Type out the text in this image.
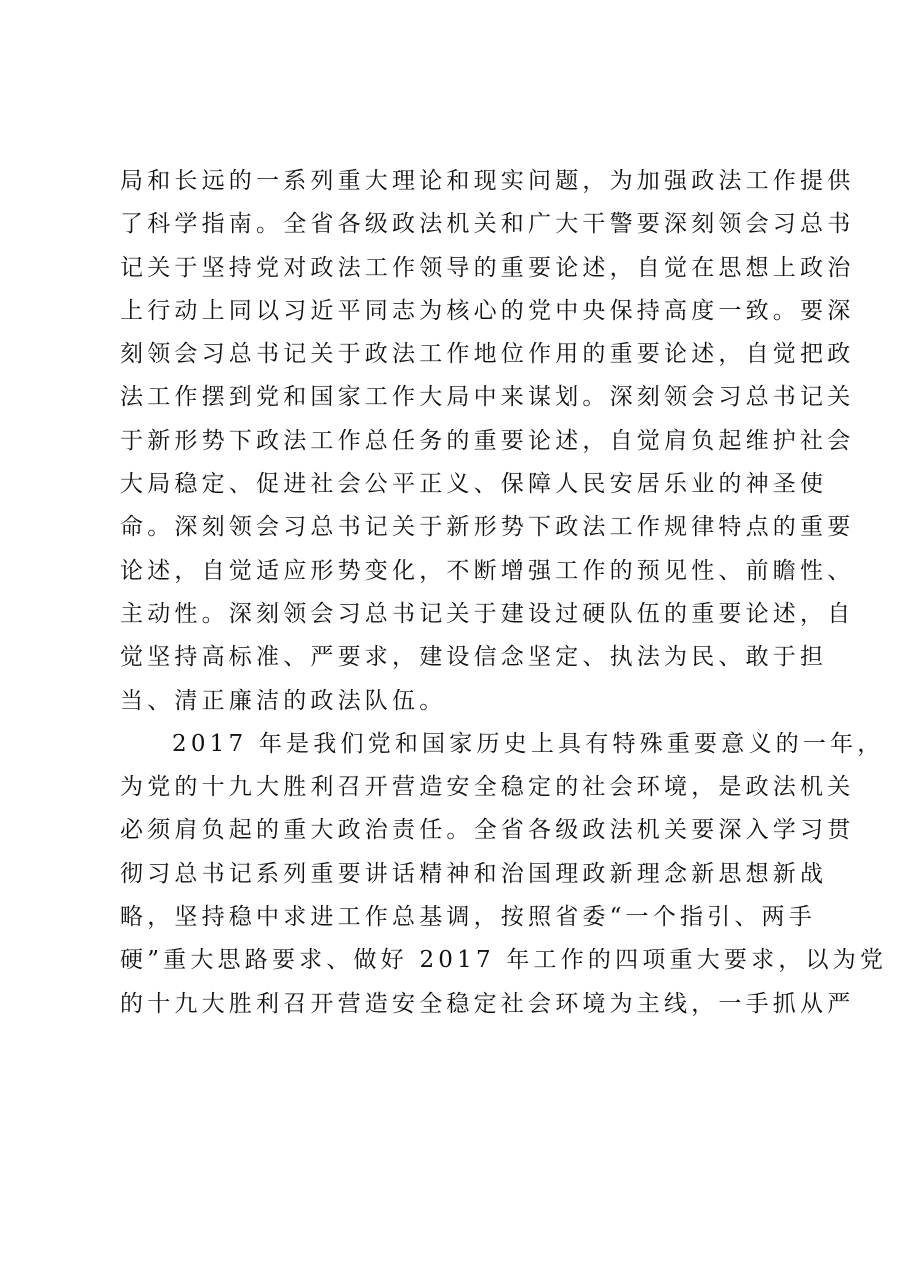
局和长远的一系列重大理论和现实问题，为加强政法工作提供
了科学指南。全省各级政法机关和广大干警要深刻领会习总书
记关于坚持党对政法工作领导的重要论述，自觉在思想上政治
上行动上同以习近平同志为核心的党中央保持高度一致。要深
刻领会习总书记关于政法工作地位作用的重要论述，自觉把政
法工作摆到党和国家工作大局中来谋划。深刻领会习总书记关
于新形势下政法工作总任务的重要论述，自觉肩负起维护社会
大局稳定、促进社会公平正义、保障人民安居乐业的神圣使
命。深刻领会习总书记关于新形势下政法工作规律特点的重要
论述，自觉适应形势变化，不断增强工作的预见性、前瞻性、
主动性。深刻领会习总书记关于建设过硬队伍的重要论述，自
觉坚持高标准、严要求，建设信念坚定、执法为民、敢于担
当、清正廉洁的政法队伍。
2017 年是我们党和国家历史上具有特殊重要意义的一年，
为党的十九大胜利召开营造安全稳定的社会环境，是政法机关
必须肩负起的重大政治责任。全省各级政法机关要深入学习贯
彻习总书记系列重要讲话精神和治国理政新理念新思想新战
略，坚持稳中求进工作总基调，按照省委“一个指引、两手
硬”重大思路要求、做好 2017 年工作的四项重大要求，以为党
的十九大胜利召开营造安全稳定社会环境为主线，一手抓从严
